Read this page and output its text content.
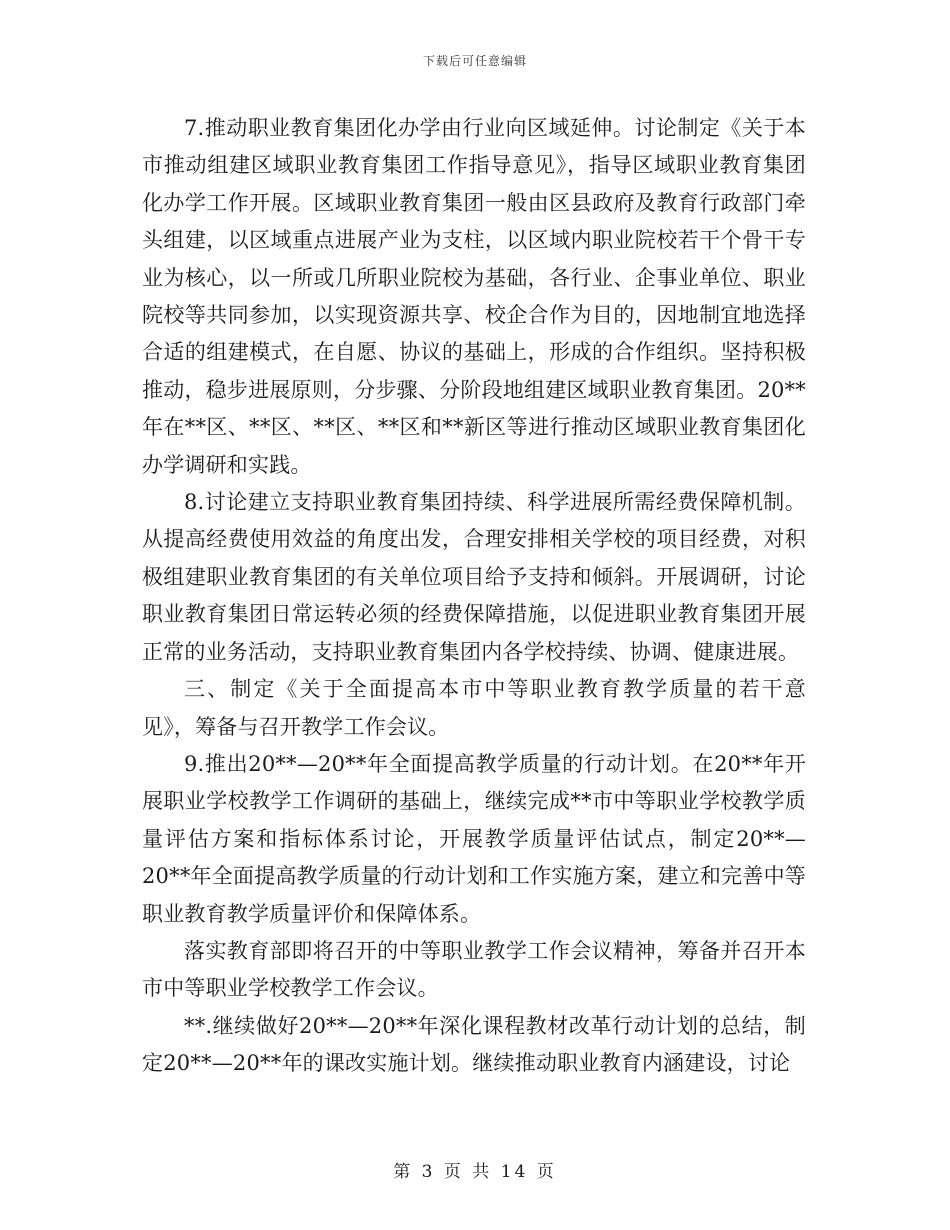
下载后可任意编辑

7.推动职业教育集团化办学由行业向区域延伸。讨论制定《关于本市推动组建区域职业教育集团工作指导意见》，指导区域职业教育集团化办学工作开展。区域职业教育集团一般由区县政府及教育行政部门牵头组建，以区域重点进展产业为支柱，以区域内职业院校若干个骨干专业为核心，以一所或几所职业院校为基础，各行业、企事业单位、职业院校等共同参加，以实现资源共享、校企合作为目的，因地制宜地选择合适的组建模式，在自愿、协议的基础上，形成的合作组织。坚持积极推动，稳步进展原则，分步骤、分阶段地组建区域职业教育集团。20**年在**区、**区、**区、**区和**新区等进行推动区域职业教育集团化办学调研和实践。

8.讨论建立支持职业教育集团持续、科学进展所需经费保障机制。从提高经费使用效益的角度出发，合理安排相关学校的项目经费，对积极组建职业教育集团的有关单位项目给予支持和倾斜。开展调研，讨论职业教育集团日常运转必须的经费保障措施，以促进职业教育集团开展正常的业务活动，支持职业教育集团内各学校持续、协调、健康进展。

三、制定《关于全面提高本市中等职业教育教学质量的若干意见》，筹备与召开教学工作会议。

9.推出20**—20**年全面提高教学质量的行动计划。在20**年开展职业学校教学工作调研的基础上，继续完成**市中等职业学校教学质量评估方案和指标体系讨论，开展教学质量评估试点，制定20**—20**年全面提高教学质量的行动计划和工作实施方案，建立和完善中等职业教育教学质量评价和保障体系。

落实教育部即将召开的中等职业教学工作会议精神，筹备并召开本市中等职业学校教学工作会议。

**.继续做好20**—20**年深化课程教材改革行动计划的总结，制定20**—20**年的课改实施计划。继续推动职业教育内涵建设，讨论

第 3 页 共 14 页
